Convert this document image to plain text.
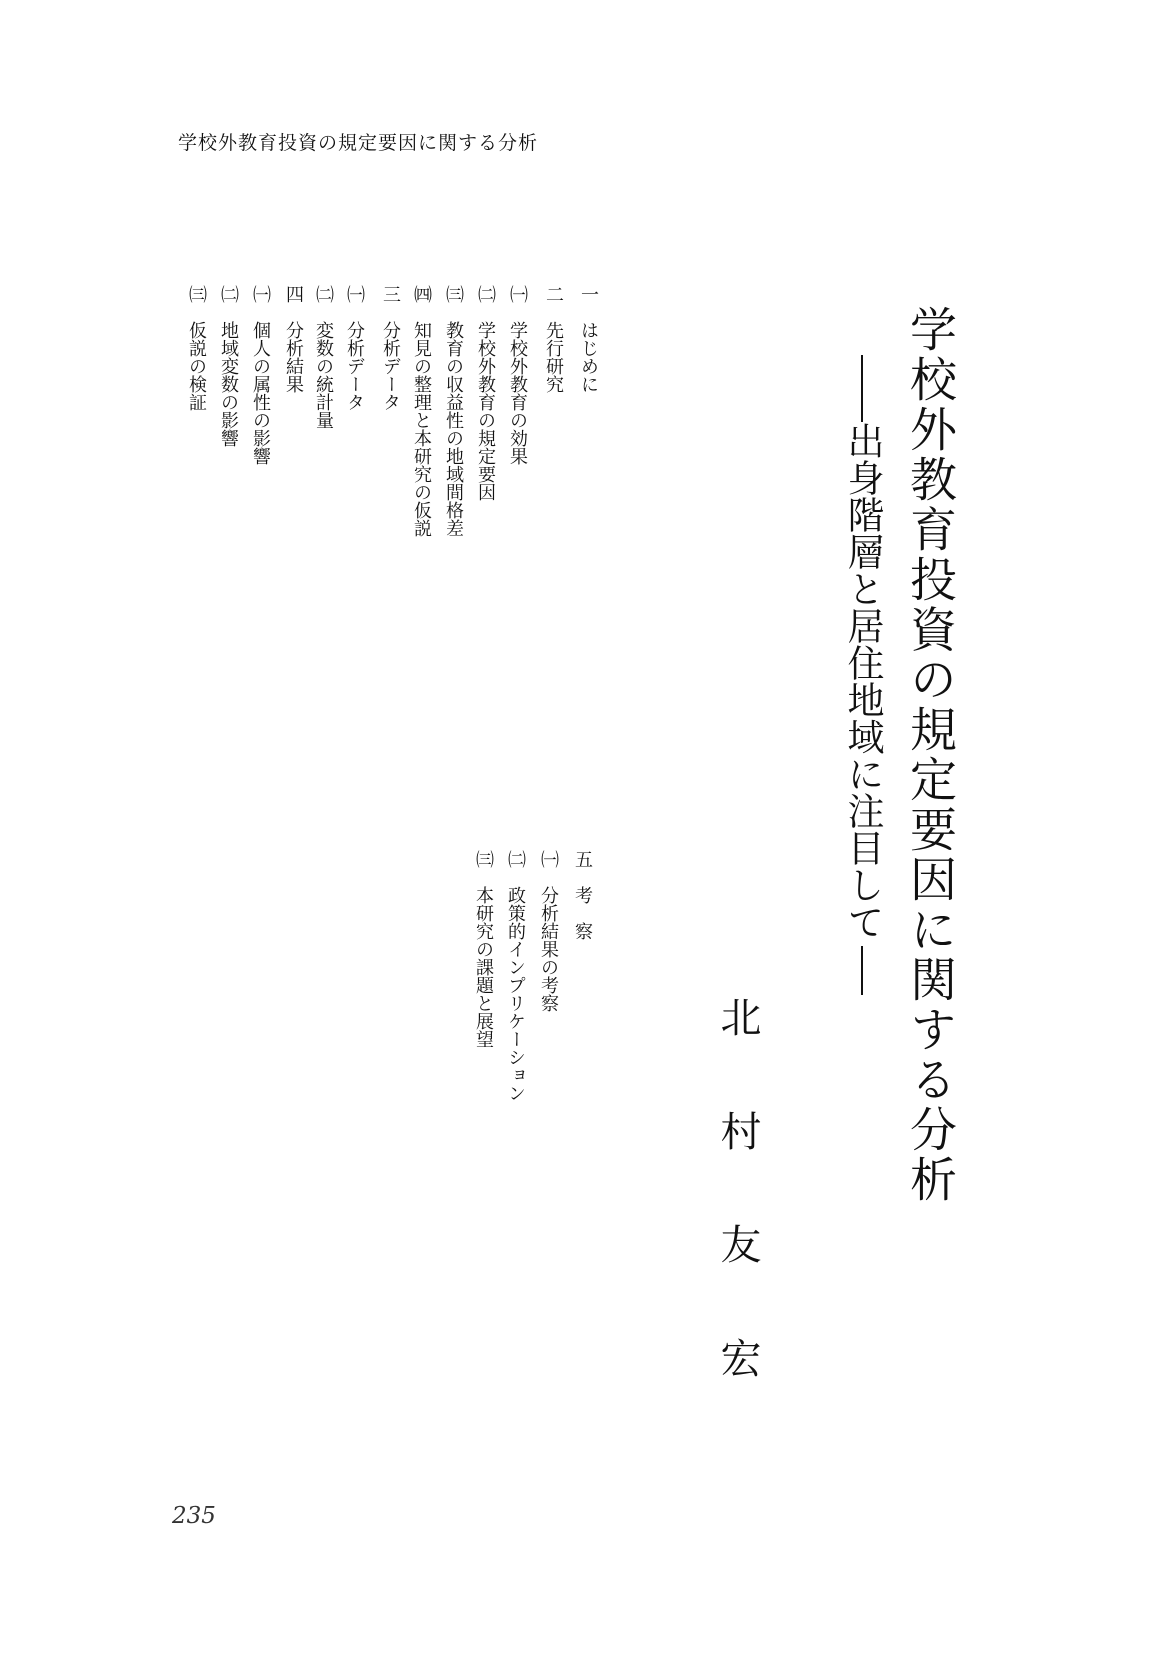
学校外教育投資の規定要因に関する分析
学校外教育投資の規定要因に関する分析
出身階層と居住地域に注目して
北
村
友
宏
一　はじめに
二　先行研究
㈠　学校外教育の効果
㈡　学校外教育の規定要因
㈢　教育の収益性の地域間格差
㈣　知見の整理と本研究の仮説
三　分析データ
㈠　分析データ
㈡　変数の統計量
四　分析結果
㈠　個人の属性の影響
㈡　地域変数の影響
㈢　仮説の検証
五　考　察
㈠　分析結果の考察
㈡　政策的インプリケーション
㈢　本研究の課題と展望
235
